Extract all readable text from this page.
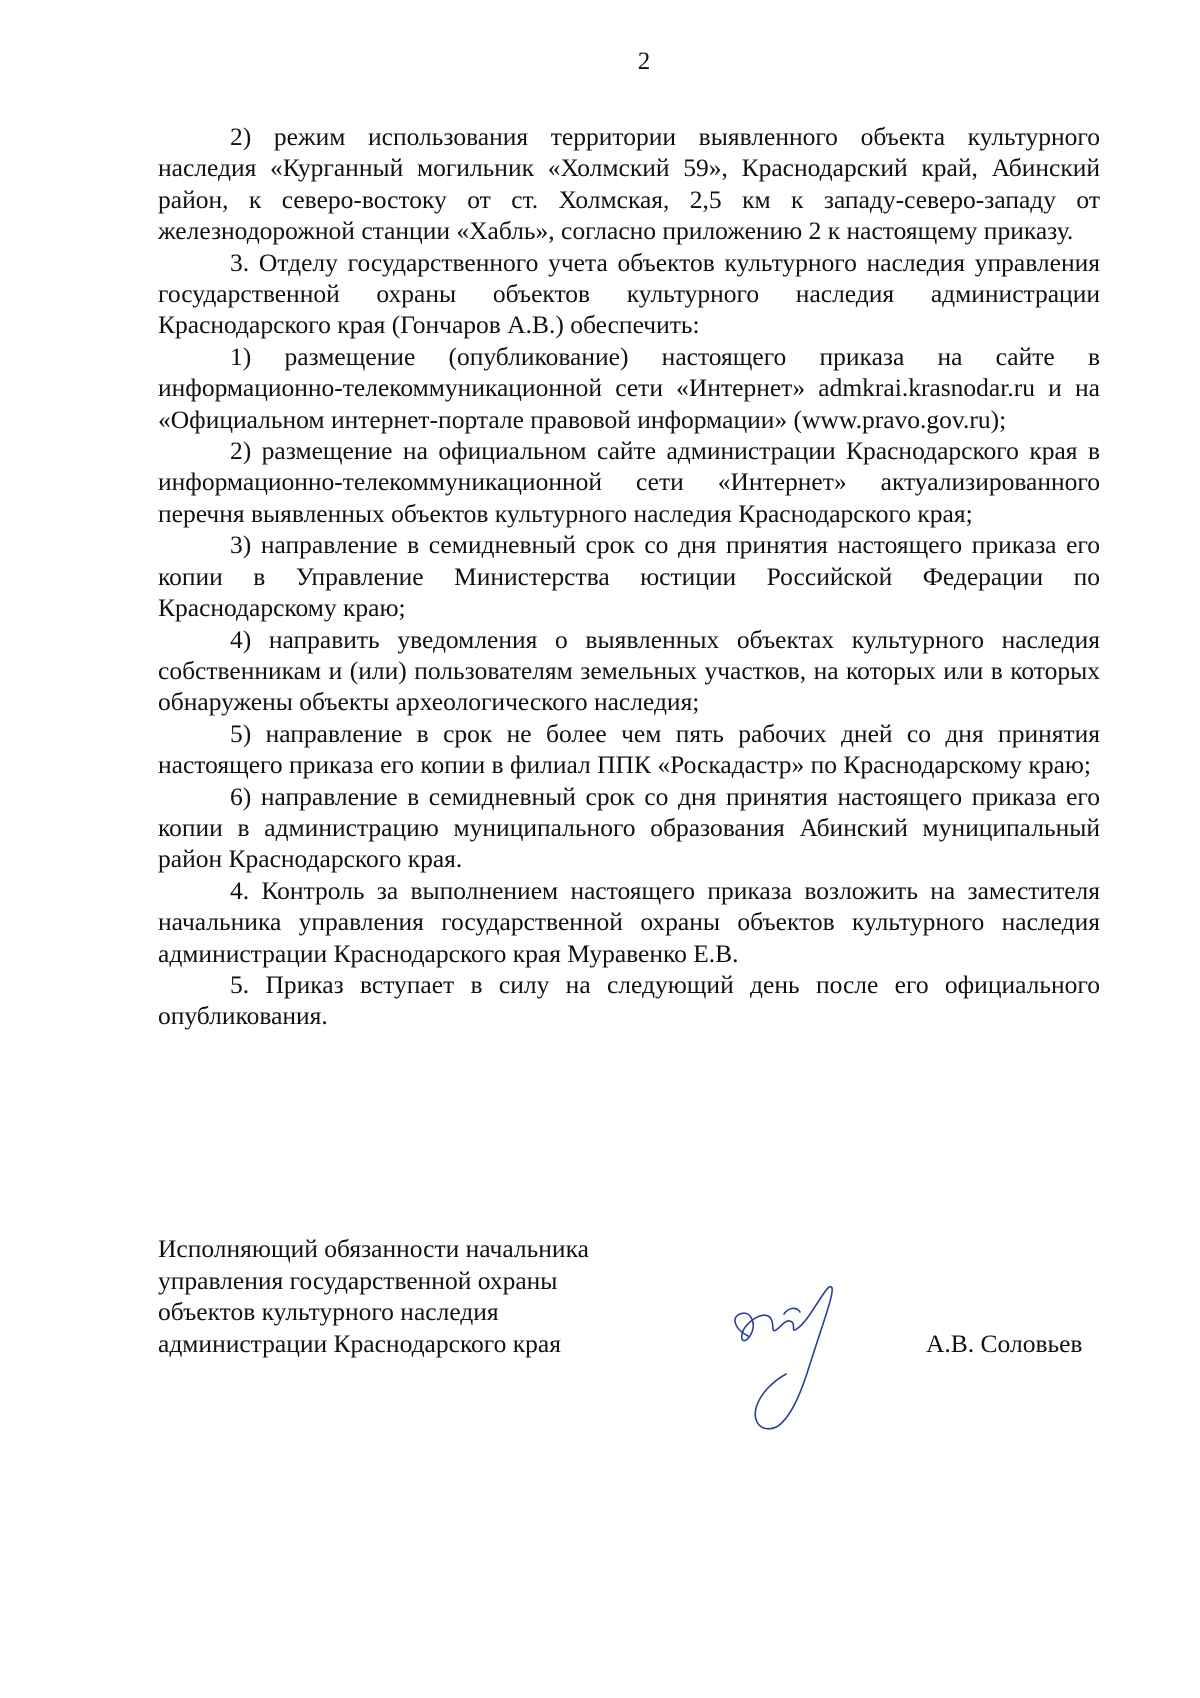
2

2) режим использования территории выявленного объекта культурного наследия «Курганный могильник «Холмский 59», Краснодарский край, Абинский район, к северо-востоку от ст. Холмская, 2,5 км к западу-северо-западу от железнодорожной станции «Хабль», согласно приложению 2 к настоящему приказу.

3. Отделу государственного учета объектов культурного наследия управления государственной охраны объектов культурного наследия администрации Краснодарского края (Гончаров А.В.) обеспечить:

1) размещение (опубликование) настоящего приказа на сайте в информационно-телекоммуникационной сети «Интернет» admkrai.krasnodar.ru и на «Официальном интернет-портале правовой информации» (www.pravo.gov.ru);

2) размещение на официальном сайте администрации Краснодарского края в информационно-телекоммуникационной сети «Интернет» актуализированного перечня выявленных объектов культурного наследия Краснодарского края;

3) направление в семидневный срок со дня принятия настоящего приказа его копии в Управление Министерства юстиции Российской Федерации по Краснодарскому краю;

4) направить уведомления о выявленных объектах культурного наследия собственникам и (или) пользователям земельных участков, на которых или в которых обнаружены объекты археологического наследия;

5) направление в срок не более чем пять рабочих дней со дня принятия настоящего приказа его копии в филиал ППК «Роскадастр» по Краснодарскому краю;

6) направление в семидневный срок со дня принятия настоящего приказа его копии в администрацию муниципального образования Абинский муниципальный район Краснодарского края.

4. Контроль за выполнением настоящего приказа возложить на заместителя начальника управления государственной охраны объектов культурного наследия администрации Краснодарского края Муравенко Е.В.

5. Приказ вступает в силу на следующий день после его официального опубликования.

Исполняющий обязанности начальника
управления государственной охраны
объектов культурного наследия
администрации Краснодарского края	А.В. Соловьев
